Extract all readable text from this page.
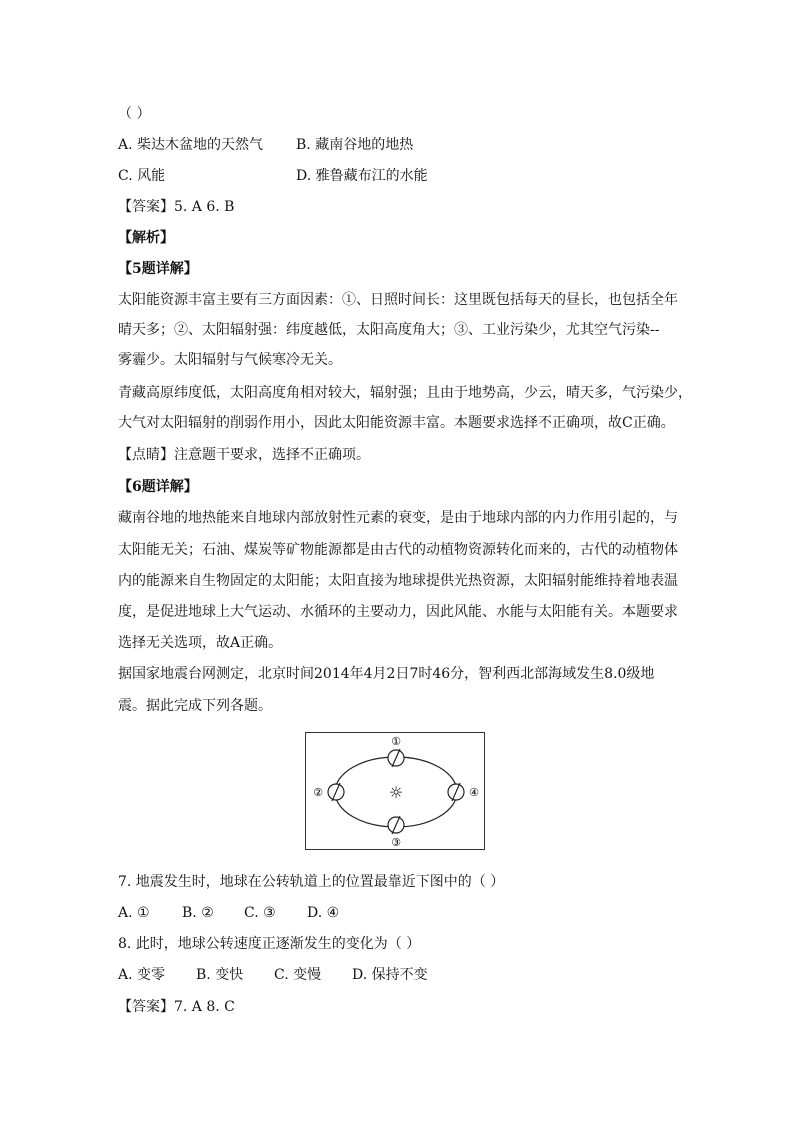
（ ）
A. 柴达木盆地的天然气 B. 藏南谷地的地热
C. 风能	D. 雅鲁藏布江的水能
【答案】5. A 6. B
【解析】
【5题详解】
太阳能资源丰富主要有三方面因素：①、日照时间长：这里既包括每天的昼长，也包括全年
晴天多；②、太阳辐射强：纬度越低，太阳高度角大；③、工业污染少，尤其空气污染--
雾霾少。太阳辐射与气候寒冷无关。
青藏高原纬度低，太阳高度角相对较大，辐射强；且由于地势高，少云，晴天多，气污染少，
大气对太阳辐射的削弱作用小，因此太阳能资源丰富。本题要求选择不正确项，故C正确。
【点睛】注意题干要求，选择不正确项。
【6题详解】
藏南谷地的地热能来自地球内部放射性元素的衰变，是由于地球内部的内力作用引起的，与
太阳能无关；石油、煤炭等矿物能源都是由古代的动植物资源转化而来的，古代的动植物体
内的能源来自生物固定的太阳能；太阳直接为地球提供光热资源，太阳辐射能维持着地表温
度，是促进地球上大气运动、水循环的主要动力，因此风能、水能与太阳能有关。本题要求
选择无关选项，故A正确。
据国家地震台网测定，北京时间2014年4月2日7时46分，智利西北部海域发生8.0级地
震。据此完成下列各题。
①
②
③
④
☼
7. 地震发生时，地球在公转轨道上的位置最靠近下图中的（ ）
A. ① B. ② C. ③ D. ④
8. 此时，地球公转速度正逐渐发生的变化为（ ）
A. 变零 B. 变快 C. 变慢 D. 保持不变
【答案】7. A 8. C
